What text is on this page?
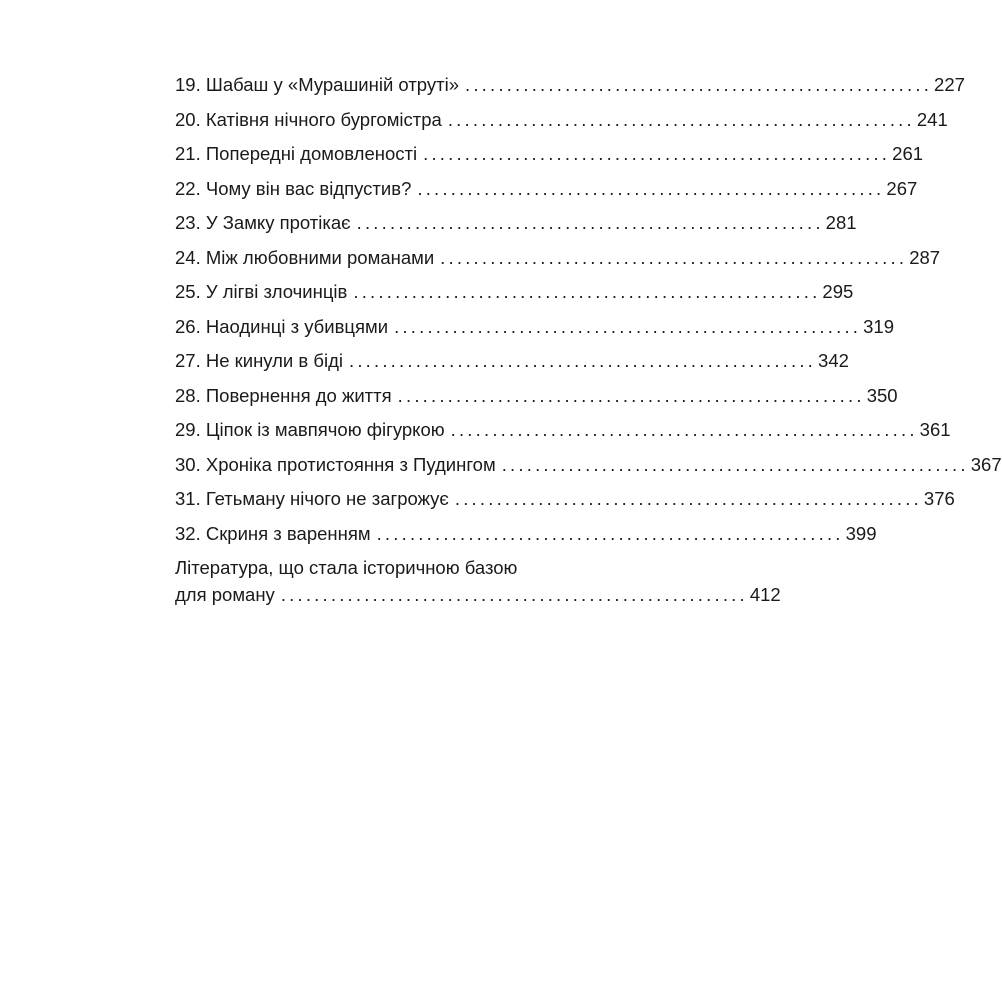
19. Шабаш у «Мурашиній отруті» ........................................................ 227
20. Катівня нічного бургомістра ........................................................ 241
21. Попередні домовленості ........................................................ 261
22. Чому він вас відпустив? ........................................................ 267
23. У Замку протікає ........................................................ 281
24. Між любовними романами ........................................................ 287
25. У лігві злочинців ........................................................ 295
26. Наодинці з убивцями ........................................................ 319
27. Не кинули в біді ........................................................ 342
28. Повернення до життя ........................................................ 350
29. Ціпок із мавпячою фігуркою ........................................................ 361
30. Хроніка протистояння з Пудингом ........................................................ 367
31. Гетьману нічого не загрожує ........................................................ 376
32. Скриня з варенням ........................................................ 399
Література, що стала історичною базою
для роману ........................................................ 412
